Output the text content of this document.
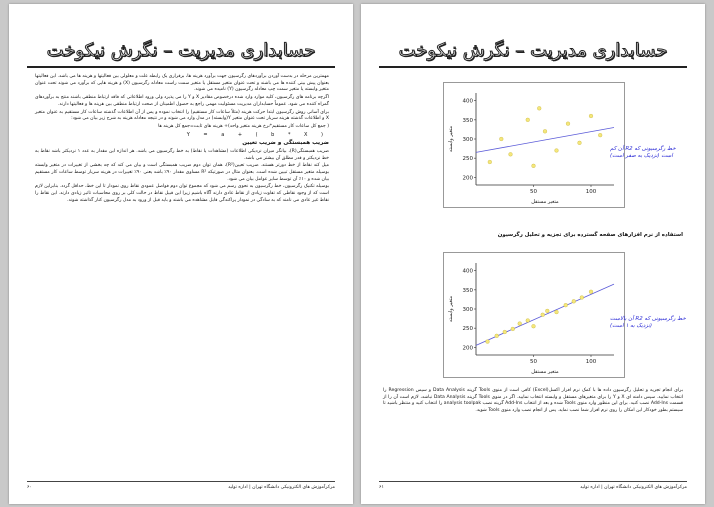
حسابداری مدیریت – نگرش نیکوخت

مهمترین مرحله در بدست آوردن برآوردهای رگرسیون جهت برآورد هزینه ها، برقراری یک رابطه علت و معلولی بین فعالیتها و هزینه ها می باشد. این فعالیتها بعنوان پیش بینی کننده ها می باشند و تحت عنوان متغیر مستقل یا متغیر سمت راست معادله رگرسیون (X) و هزینه هایی که برآورد می شوند تحت عنوان متغیر وابسته یا متغیر سمت چپ معادله رگرسیون (Y) نامیده می شوند.

اگرچه برنامه های رگرسیون، کلیه موارد وارد شده درخصوص مقادیر X و Y را می پذیرد ولی ورود اطلاعاتی که فاقد ارتباط منطقی باشند منتج به برآوردهای گمراه کننده می شود. عموماً حسابداران مدیریت مسئولیت مهمی راجع به حصول اطمینان از صحت ارتباط منطقی بین هزینه ها و فعالیتها دارند.

برای آسانی روش رگرسیون ابتدا حرکت هزینه (مثلاً ساعات کار مستقیم) را انتخاب نموده و پس از آن اطلاعات گذشته ساعات کار مستقیم به عنوان متغیر X و اطلاعات گذشته هزینه سربار تحت عنوان متغیر Y(وابسته) در مدل وارد می شوند و در نتیجه معادله هزینه به شرح زیر بیان می شود:

( جمع کل ساعات کار مستقیم*نرخ هزینه متغیر واحد)+ هزینه های ثابت=جمع کل هزینه ها

Y = a + ( b * X )

ضریب همبستگی و ضریب تعیین

ضریب همبستگی(R)، بیانگر میزان نزدیکی اطلاعات (مشاهدات یا نقاط) به خط رگرسیون می باشد. هر اندازه این مقدار به عدد ١ نزدیکتر باشد نقاط به خط نزدیکتر و قدر مطلق آن بیشتر می باشد.

میل کند نقاط از خط دورتر هستند. ضریب تعیین(R²)، همان توان دوم ضریب همبستگی است و بیان می کند که چه بخشی از تغییرات در متغیر وابسته بوسیله متغیر مستقل تبیین شده است. بعنوان مثال در صورتیکه R² مساوی مقدار ٩٠٪ باشد یعنی ٩٠٪ تغییرات در هزینه سربار توسط ساعات کار مستقیم بیان شده و ١٠٪ آن توسط سایر عوامل بیان می شود.

بوسیله تکنیک رگرسیون، خط رگرسیون به نحوی رسم می شود که مجموع توان دوم فواصل عمودی نقاط روی نمودار تا این خط، حداقل گردد. بنابراین لازم است که از وجود نقاطی که تفاوت زیادی از نقاط عادی دارند آگاه باشیم زیرا این قبیل نقاط در حالت کلی بر روی محاسبات تاثیر زیادی دارند. این نقاط را نقاط غیر عادی می نامند که به سادگی در نمودار پراکندگی قابل مشاهده می باشند و باید قبل از ورود به مدل رگرسیون کنار گذاشته شوند.

مرکزآموزش های الکترونیکی دانشگاه تهران | اداره تولید
۶۰
حسابداری مدیریت – نگرش نیکوخت
200
250
300
350
400
50	100
متغیر مستقل
متغیر وابسته	خط رگرسیونی که R2 آن کم
است (نزدیک به صفر است)
استفاده از نرم افزارهای صفحه گسترده برای تجزیه و تحلیل رگرسیون
200
250
300
350
400
50	100
متغیر مستقل
متغیر وابسته	خط رگرسیونی که R2 آن بالاست
(نزدیک به ١ است)

برای انجام تجزیه و تحلیل رگرسیون داده ها با کمک نرم افزار اکسل(Excel) کافی است از منوی Tools گزینه Data Analysis و سپس Regression را انتخاب نمایید. سپس دامنه ای X و Y را برای متغیرهای مستقل و وابسته انتخاب نمایید. اگر در منوی Tools گزینه Data Analysis نباشد، لازم است آن را از قسمت Add-Ins نصب کنید. برای این منظور وارد منوی Tools شده و بعد از انتخاب Add-Ins گزینه نصب analysis toolpak را انتخاب کنید و منتظر باشید تا سیستم بطور خودکار این امکان را روی نرم افزار شما نصب نماید. پس از انجام نصب وارد منوی Tools شوید.

مرکزآموزش های الکترونیکی دانشگاه تهران | اداره تولید
۶۱
